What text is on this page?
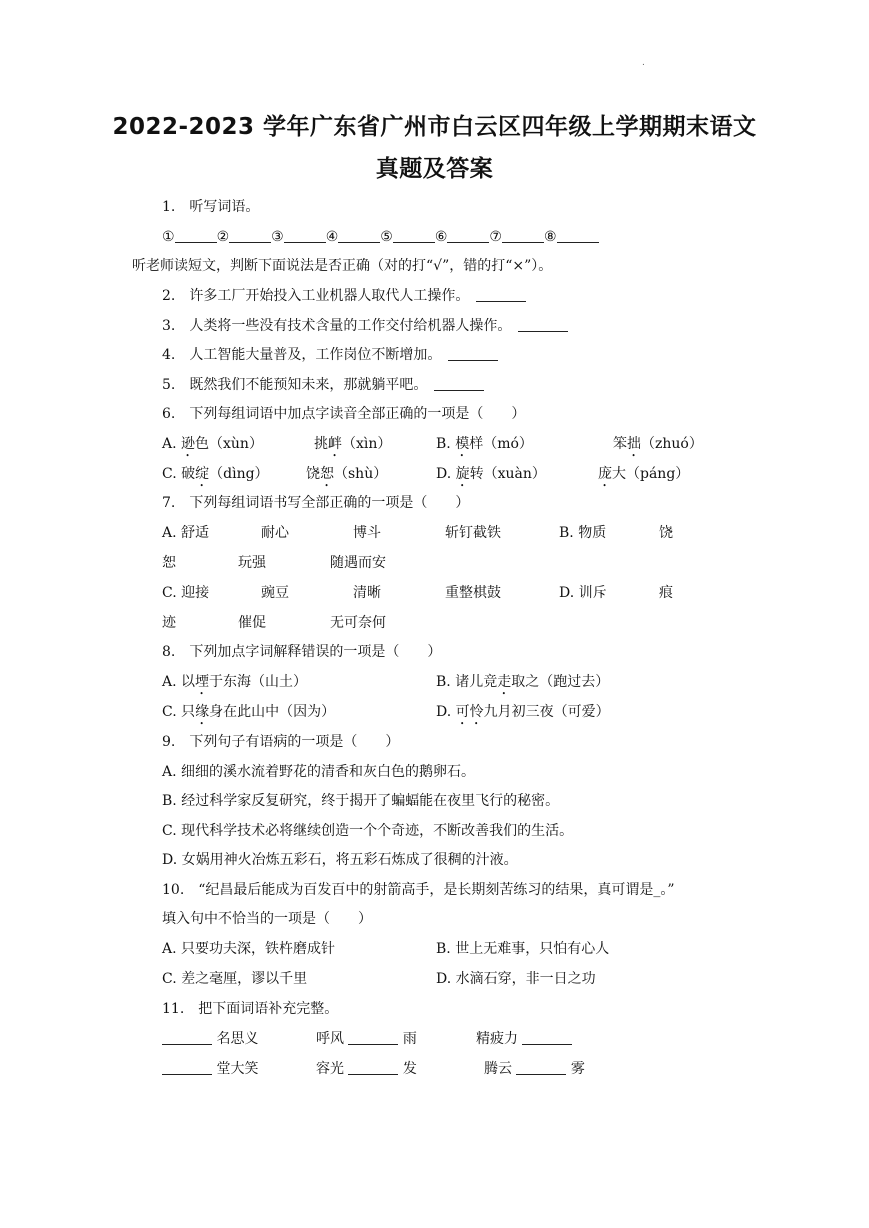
.
2022-2023 学年广东省广州市白云区四年级上学期期末语文
真题及答案
1.　听写词语。
①	②	③	④	⑤	⑥	⑦	⑧
听老师读短文，判断下面说法是否正确（对的打“√”，错的打“×”）。
2.　许多工厂开始投入工业机器人取代人工操作。　
3.　人类将一些没有技术含量的工作交付给机器人操作。　
4.　人工智能大量普及，工作岗位不断增加。　
5.　既然我们不能预知未来，那就躺平吧。　
6.　下列每组词语中加点字读音全部正确的一项是（　　）
A. 逊色（xùn）	挑衅（xìn）	B. 模样（mó）	笨拙（zhuó）
C. 破绽（dìng）	饶恕（shù）	D. 旋转（xuàn）	庞大（páng）
7.　下列每组词语书写全部正确的一项是（　　）
A. 舒适	耐心	博斗	斩钉截铁	B. 物质	饶
恕	玩强	随遇而安
C. 迎接	豌豆	清晰	重整棋鼓	D. 训斥	痕
迹	催促	无可奈何
8.　下列加点字词解释错误的一项是（　　）
A. 以堙于东海（山土）	B. 诸儿竞走取之（跑过去）
C. 只缘身在此山中（因为）	D. 可怜九月初三夜（可爱）
9.　下列句子有语病的一项是（　　）
A. 细细的溪水流着野花的清香和灰白色的鹅卵石。
B. 经过科学家反复研究，终于揭开了蝙蝠能在夜里飞行的秘密。
C. 现代科学技术必将继续创造一个个奇迹，不断改善我们的生活。
D. 女娲用神火冶炼五彩石，将五彩石炼成了很稠的汁液。
10.　“纪昌最后能成为百发百中的射箭高手，是长期刻苦练习的结果，真可谓是_。”
填入句中不恰当的一项是（　　）
A. 只要功夫深，铁杵磨成针	B. 世上无难事，只怕有心人
C. 差之毫厘，谬以千里	D. 水滴石穿，非一日之功
11.　把下面词语补充完整。
名思义	呼风	雨	精疲力
堂大笑	容光	发	腾云	雾
